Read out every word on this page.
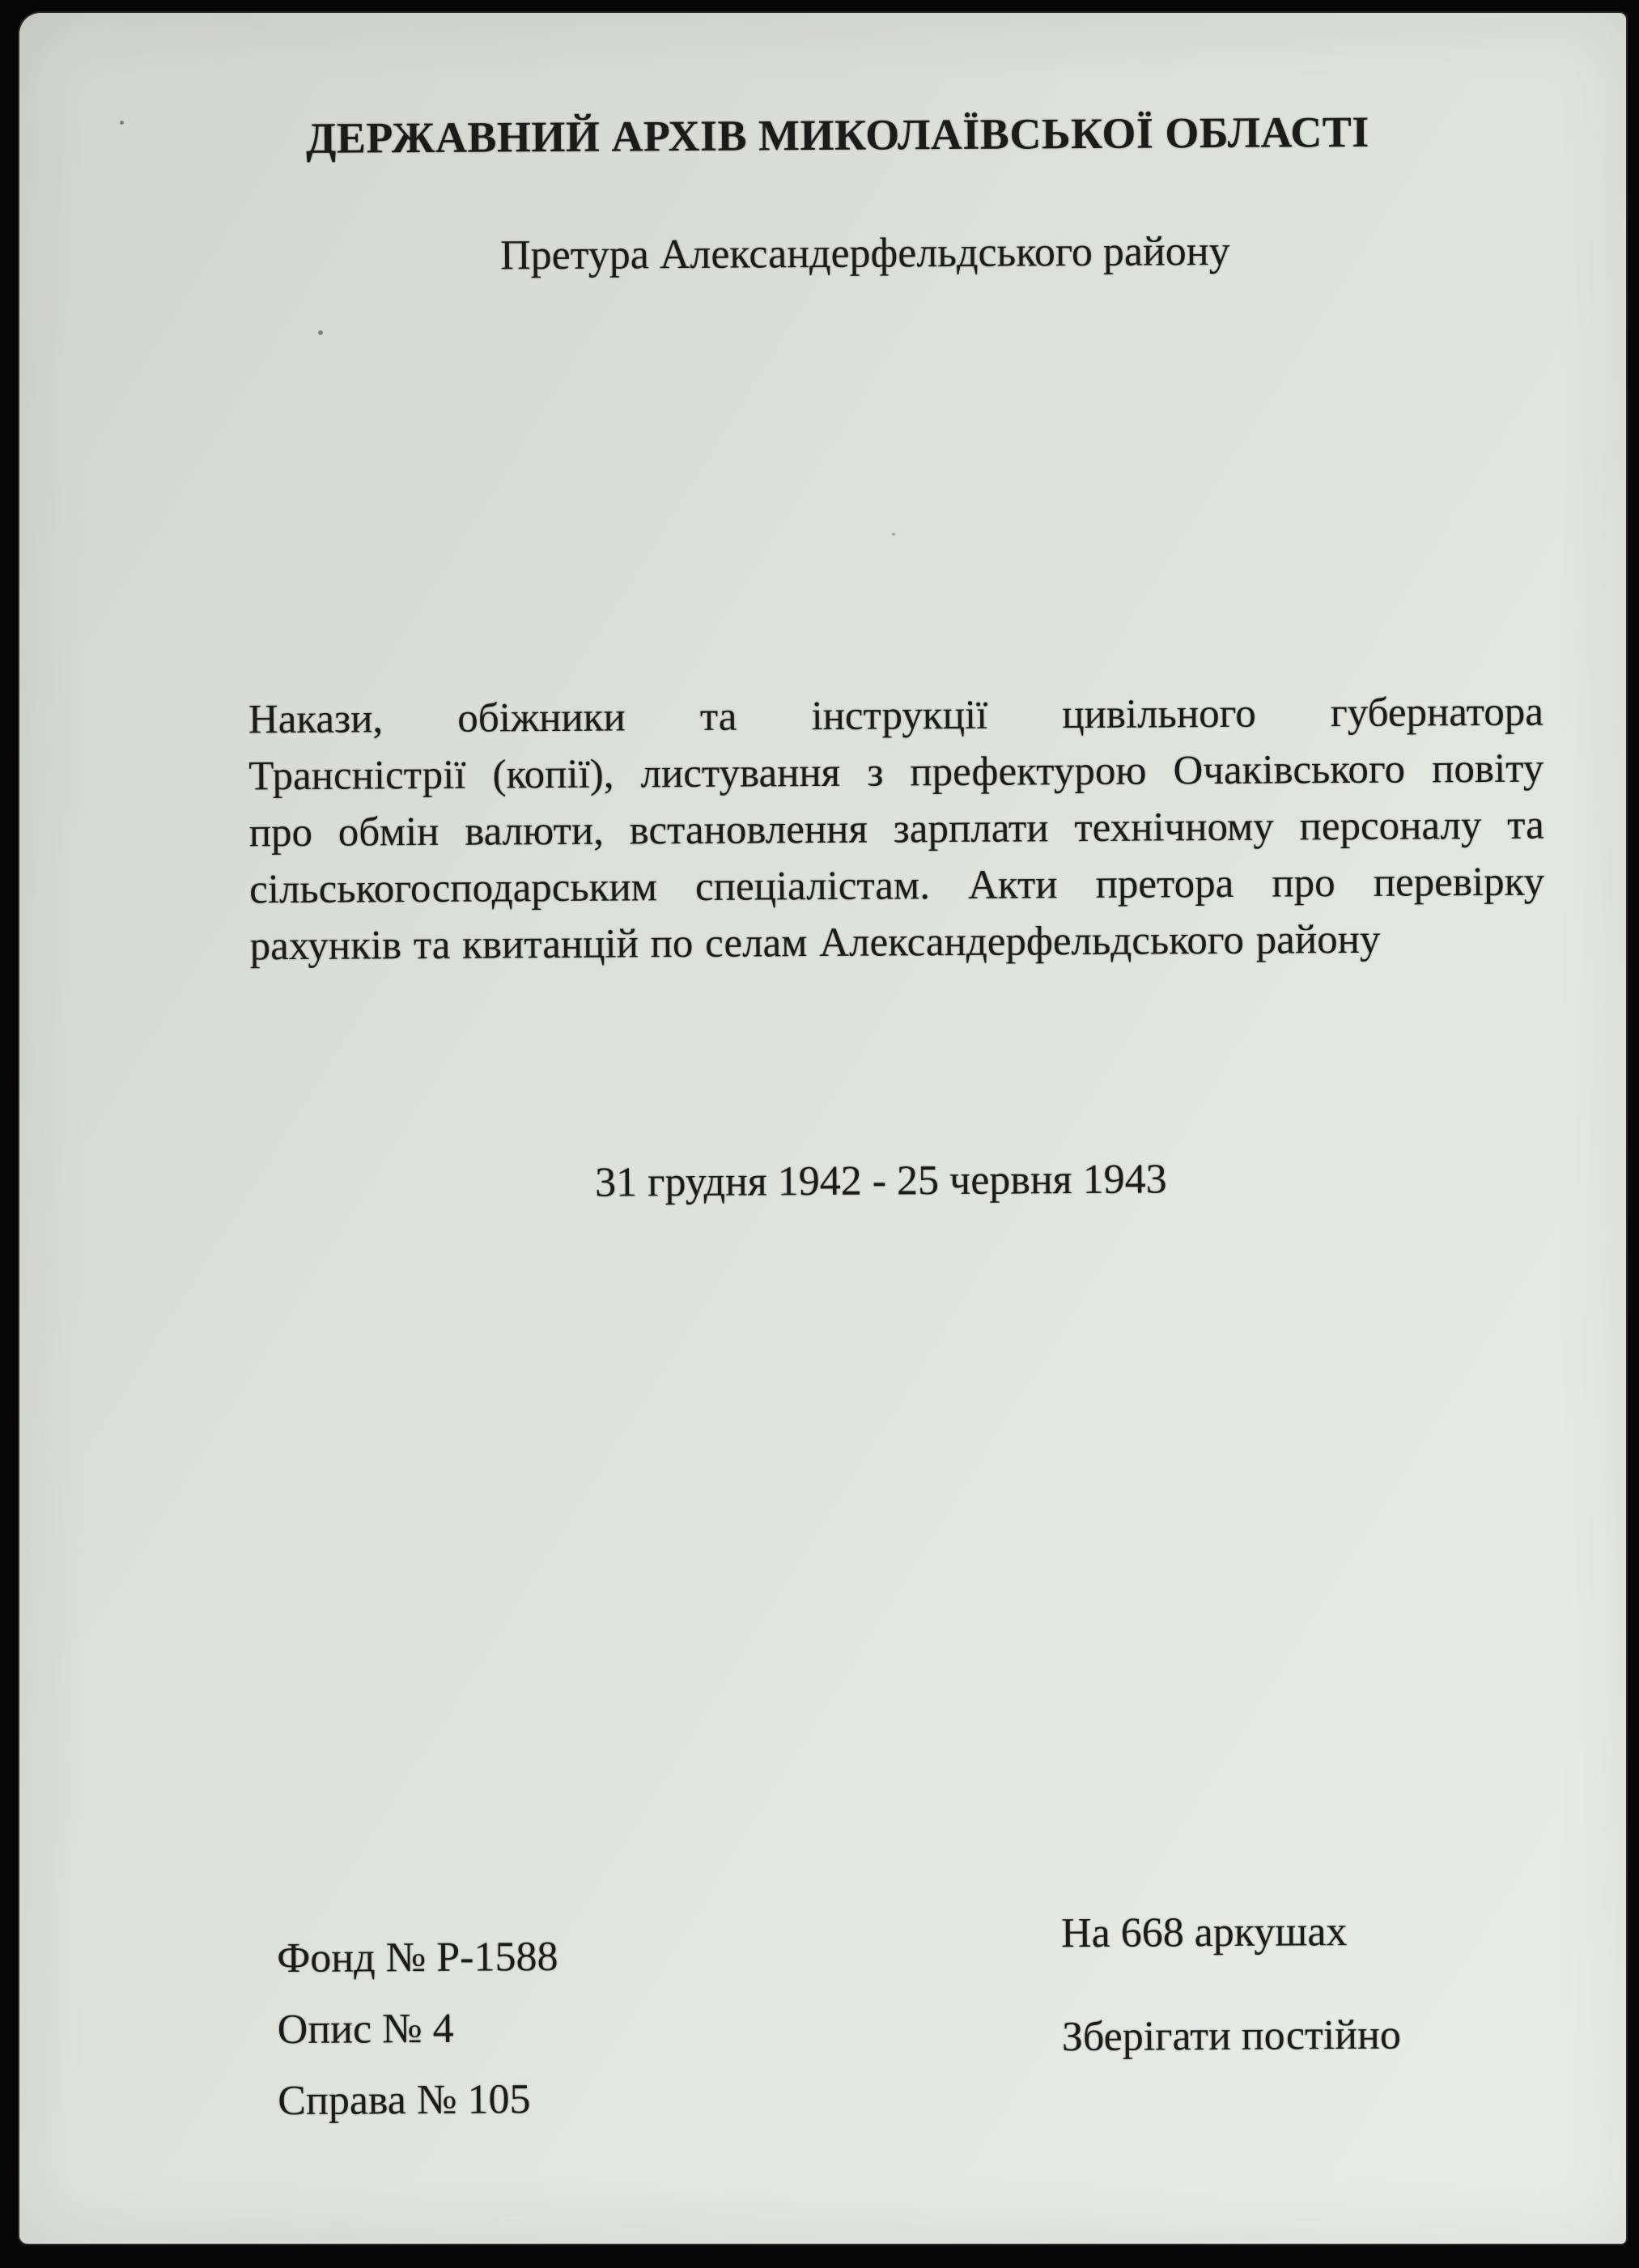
ДЕРЖАВНИЙ АРХІВ МИКОЛАЇВСЬКОЇ ОБЛАСТІ
Претура Александерфельдського району
Накази, обіжники та інструкції цивільного губернатора
Трансністрії (копії), листування з префектурою Очаківського повіту
про обмін валюти, встановлення зарплати технічному персоналу та
сільськогосподарським спеціалістам. Акти претора про перевірку
рахунків та квитанцій по селам Александерфельдського району
31 грудня 1942 - 25 червня 1943
Фонд № Р-1588
Опис № 4
Справа № 105
На 668 аркушах
Зберігати постійно
